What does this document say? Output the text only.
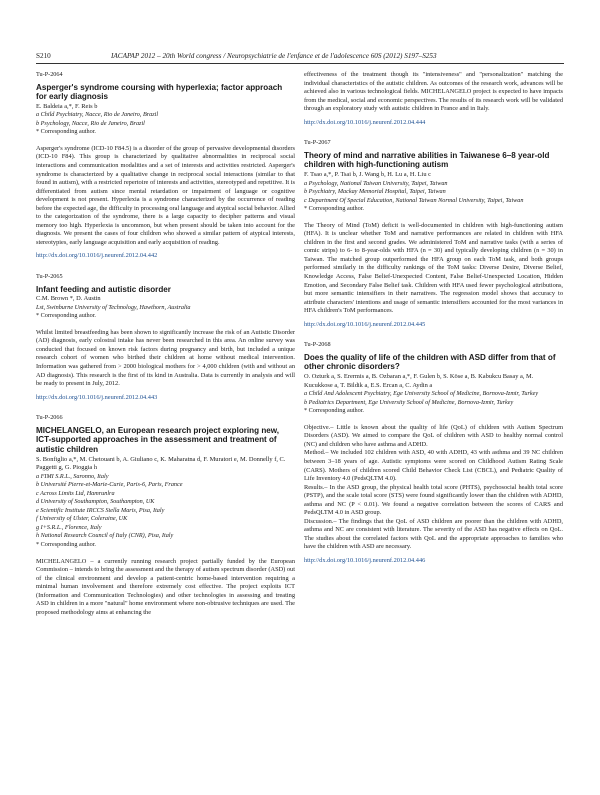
S210	IACAPAP 2012 – 20th World congress / Neuropsychiatrie de l'enfance et de l'adolescence 60S (2012) S197–S253
Tu-P-2064
Asperger's syndrome coursing with hyperlexia; factor approach for early diagnosis
E. Baldeia a,*, F. Reis b
a Child Psychiatry, Nacce, Rio de Janeiro, Brazil
b Psychology, Nacce, Rio de Janeiro, Brazil
* Corresponding author.

Asperger's syndrome (ICD-10 F84.5) is a disorder of the group of pervasive developmental disorders (ICD-10 F84). This group is characterized by qualitative abnormalities in reciprocal social interactions and communication modalities and a set of interests and activities restricted. Asperger's syndrome is characterized by a qualitative change in reciprocal social interactions (similar to that found in autism), with a restricted repertoire of interests and activities, stereotyped and repetitive. It is differentiated from autism since mental retardation or impairment of language or cognitive development is not present. Hyperlexia is a syndrome characterized by the occurrence of reading before the expected age, the difficulty in processing oral language and atypical social behavior. Allied to the categorization of the syndrome, there is a large capacity to decipher patterns and visual memory too high. Hyperlexia is uncommon, but when present should be taken into account for the diagnosis. We present the cases of four children who showed a similar pattern of atypical interests, stereotypies, early language acquisition and early acquisition of reading.

http://dx.doi.org/10.1016/j.neurenf.2012.04.442
Tu-P-2065
Infant feeding and autistic disorder
C.M. Brown *, D. Austin
Lst, Swinburne University of Technology, Hawthorn, Australia
* Corresponding author.

Whilst limited breastfeeding has been shown to significantly increase the risk of an Autistic Disorder (AD) diagnosis, early colostral intake has never been researched in this area. An online survey was conducted that focused on known risk factors during pregnancy and birth, but included a unique research cohort of women who birthed their children at home without medical intervention. Information was gathered from > 2000 biological mothers for > 4,000 children (with and without an AD diagnosis). This research is the first of its kind in Australia. Data is currently in analysis and will be ready to present in July, 2012.

http://dx.doi.org/10.1016/j.neurenf.2012.04.443
Tu-P-2066
MICHELANGELO, an European research project exploring new, ICT-supported approaches in the assessment and treatment of autistic children
S. Bonfiglio a,*, M. Chetouani b, A. Giuliano c, K. Maharatna d, F. Muratori e, M. Donnelly f, C. Paggetti g, G. Pioggia h
a FIMI S.R.L., Saronno, Italy
b Université Pierre-et-Marie-Curie, Paris-6, Paris, France
c Across Limits Ltd, Hamrunlra
d University of Southampton, Southampton, UK
e Scientific Institute IRCCS Stella Maris, Pisa, Italy
f University of Ulster, Coleraine, UK
g I+S.R.L., Florence, Italy
h National Research Council of Italy (CNR), Pisa, Italy
* Corresponding author.

MICHELANGELO – a currently running research project partially funded by the European Commission – intends to bring the assessment and the therapy of autism spectrum disorder (ASD) out of the clinical environment and develop a patient-centric home-based intervention requiring a minimal human involvement and therefore extremely cost effective. The project exploits ICT (Information and Communication Technologies) and other technologies in assessing and treating ASD in children in a more "natural" home environment where non-obtrusive techniques are used. The proposed methodology aims at enhancing the

effectiveness of the treatment though its "intensiveness" and "personalization" matching the individual characteristics of the autistic children. As outcomes of the research work, advances will be achieved also in various technological fields. MICHELANGELO project is expected to have impacts from the medical, social and economic perspectives. The results of its research work will be validated through an exploratory study with autistic children in France and in Italy.

http://dx.doi.org/10.1016/j.neurenf.2012.04.444
Tu-P-2067
Theory of mind and narrative abilities in Taiwanese 6–8 year-old children with high-functioning autism
F. Tsao a,*, P. Tsai b, J. Wang b, H. Lu a, H. Liu c
a Psychology, National Taiwan University, Taipei, Taiwan
b Psychiatry, Mackay Memorial Hospital, Taipei, Taiwan
c Department Of Special Education, National Taiwan Normal University, Taipei, Taiwan
* Corresponding author.

The Theory of Mind (ToM) deficit is well-documented in children with high-functioning autism (HFA). It is unclear whether ToM and narrative performances are related in children with HFA children in the first and second grades. We administered ToM and narrative tasks (with a series of comic strips) to 6- to 8-year-olds with HFA (n = 30) and typically developing children (n = 30) in Taiwan. The matched group outperformed the HFA group on each ToM task, and both groups performed similarly in the difficulty rankings of the ToM tasks: Diverse Desire, Diverse Belief, Knowledge Access, False Belief-Unexpected Content, False Belief-Unexpected Location, Hidden Emotion, and Secondary False Belief task. Children with HFA used fewer psychological attributions, but more semantic intensifiers in their narratives. The regression model shows that accuracy to attribute characters' intentions and usage of semantic intensifiers accounted for the most variances in HFA children's ToM performances.

http://dx.doi.org/10.1016/j.neurenf.2012.04.445
Tu-P-2068
Does the quality of life of the children with ASD differ from that of other chronic disorders?
O. Ozturk a, S. Erermis a, B. Ozbaran a,*, F. Gulen b, S. Köse a, B. Kabukcu Basay a, M. Kucukkose a, T. Bildik a, E.S. Ercan a, C. Aydin a
a Child And Adolescent Psychiatry, Ege University School of Medicine, Bornova-Izmir, Turkey
b Pediatrics Department, Ege University School of Medicine, Bornova-Izmir, Turkey
* Corresponding author.

Objective.– Little is known about the quality of life (QoL) of children with Autism Spectrum Disorders (ASD). We aimed to compare the QoL of children with ASD to healthy normal control (NC) and children who have asthma and ADHD.

Method.– We included 102 children with ASD, 40 with ADHD, 43 with asthma and 39 NC children between 3–18 years of age. Autistic symptoms were scored on Childhood Autism Rating Scale (CARS). Mothers of children scored Child Behavior Check List (CBCL), and Pediatric Quality of Life Inventory 4.0 (PedsQLTM 4.0).

Results.– In the ASD group, the physical health total score (PHTS), psychosocial health total score (PSTP), and the scale total score (STS) were found significantly lower than the children with ADHD, asthma and NC (P < 0.01). We found a negative correlation between the scores of CARS and PedsQLTM 4.0 in ASD group.

Discussion.– The findings that the QoL of ASD children are poorer than the children with ADHD, asthma and NC are consistent with literature. The severity of the ASD has negative effects on QoL. The studies about the correlated factors with QoL and the appropriate approaches to families who have the children with ASD are necessary.

http://dx.doi.org/10.1016/j.neurenf.2012.04.446
